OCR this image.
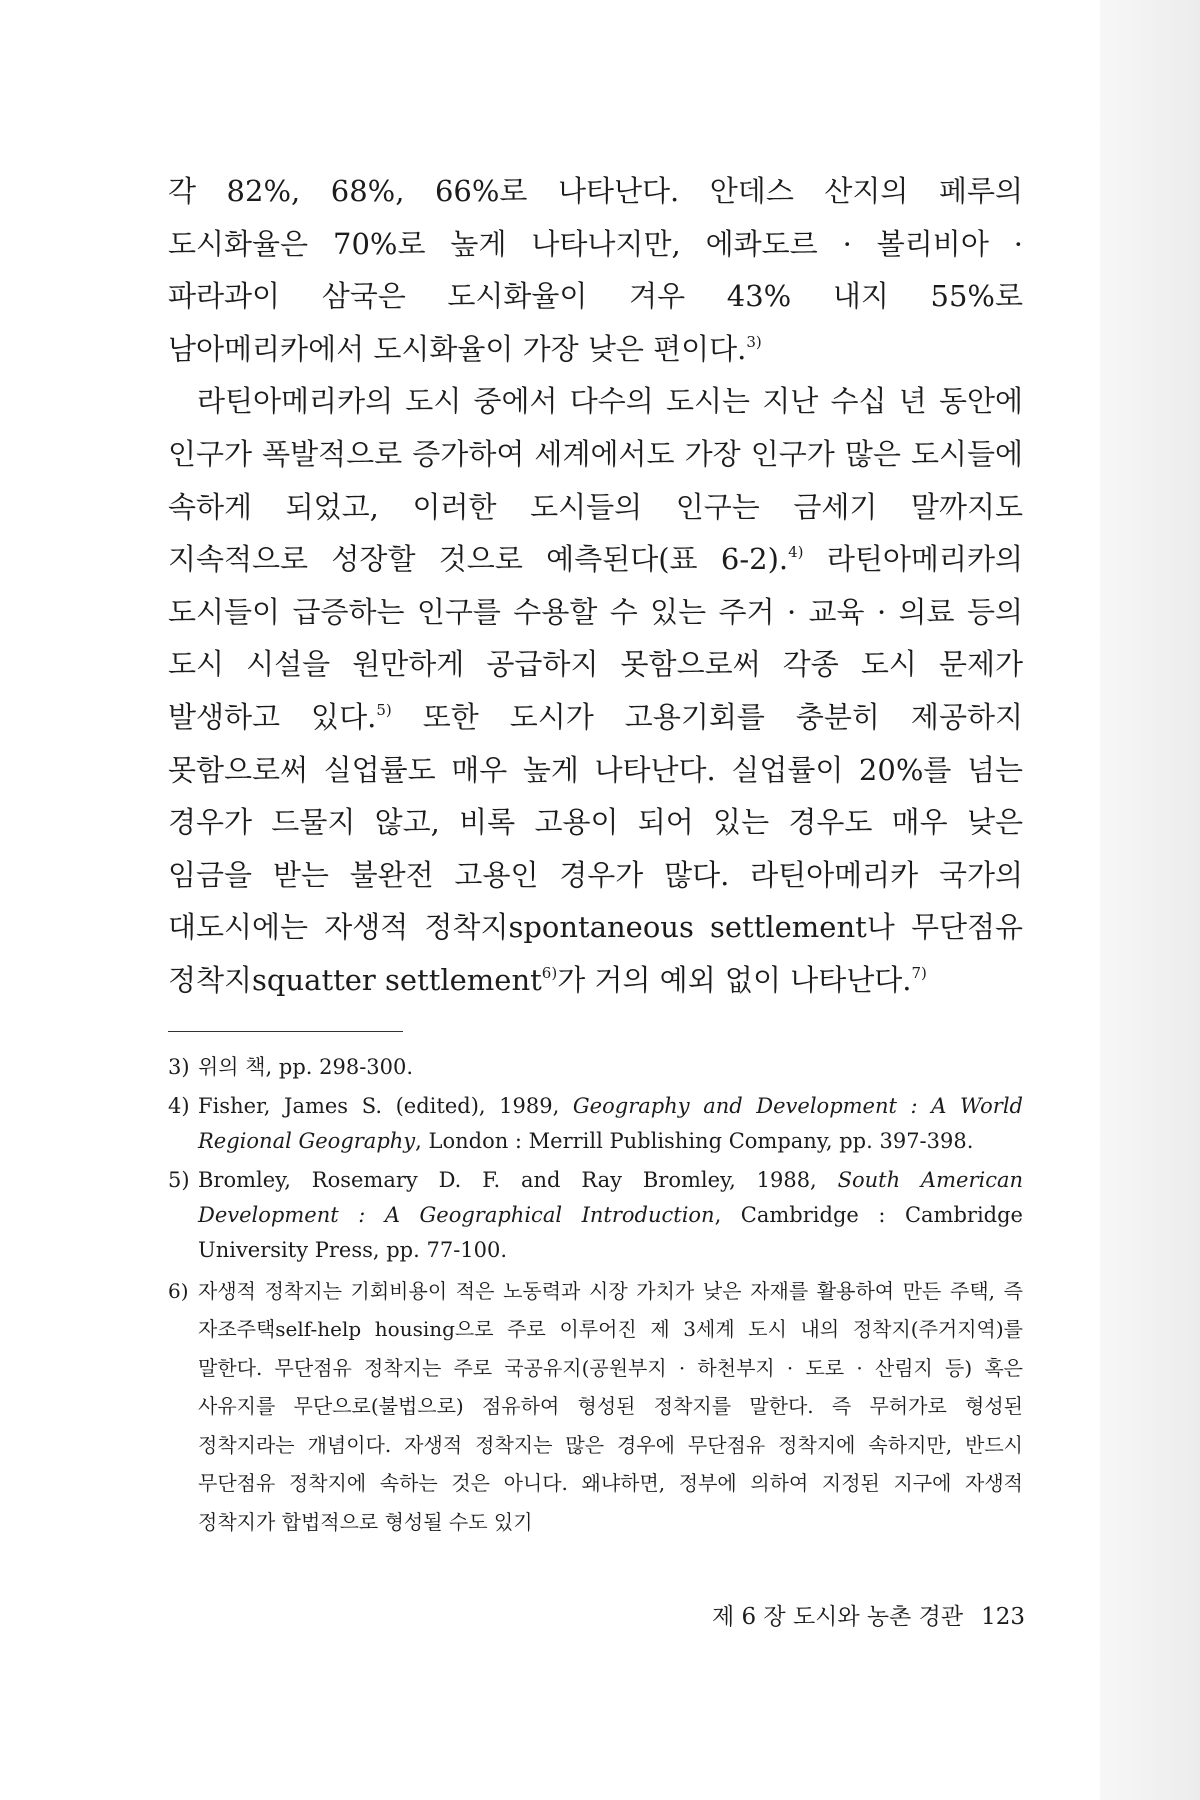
각 82%, 68%, 66%로 나타난다. 안데스 산지의 페루의 도시화율은 70%로 높게 나타나지만, 에콰도르 · 볼리비아 · 파라과이 삼국은 도시화율이 겨우 43% 내지 55%로 남아메리카에서 도시화율이 가장 낮은 편이다.$^{3)}$

라틴아메리카의 도시 중에서 다수의 도시는 지난 수십 년 동안에 인구가 폭발적으로 증가하여 세계에서도 가장 인구가 많은 도시들에 속하게 되었고, 이러한 도시들의 인구는 금세기 말까지도 지속적으로 성장할 것으로 예측된다(표 6-2).$^{4)}$ 라틴아메리카의 도시들이 급증하는 인구를 수용할 수 있는 주거 · 교육 · 의료 등의 도시 시설을 원만하게 공급하지 못함으로써 각종 도시 문제가 발생하고 있다.$^{5)}$ 또한 도시가 고용기회를 충분히 제공하지 못함으로써 실업률도 매우 높게 나타난다. 실업률이 20%를 넘는 경우가 드물지 않고, 비록 고용이 되어 있는 경우도 매우 낮은 임금을 받는 불완전 고용인 경우가 많다. 라틴아메리카 국가의 대도시에는 자생적 정착지spontaneous settlement나 무단점유 정착지squatter settlement$^{6)}$가 거의 예외 없이 나타난다.$^{7)}$

3) 위의 책, pp. 298-300.
4) Fisher, James S. (edited), 1989, Geography and Development : A World Regional Geography, London : Merrill Publishing Company, pp. 397-398.
5) Bromley, Rosemary D. F. and Ray Bromley, 1988, South American Development : A Geographical Introduction, Cambridge : Cambridge University Press, pp. 77-100.
6) 자생적 정착지는 기회비용이 적은 노동력과 시장 가치가 낮은 자재를 활용하여 만든 주택, 즉 자조주택self-help housing으로 주로 이루어진 제 3세계 도시 내의 정착지(주거지역)를 말한다. 무단점유 정착지는 주로 국공유지(공원부지 · 하천부지 · 도로 · 산림지 등) 혹은 사유지를 무단으로(불법으로) 점유하여 형성된 정착지를 말한다. 즉 무허가로 형성된 정착지라는 개념이다. 자생적 정착지는 많은 경우에 무단점유 정착지에 속하지만, 반드시 무단점유 정착지에 속하는 것은 아니다. 왜냐하면, 정부에 의하여 지정된 지구에 자생적 정착지가 합법적으로 형성될 수도 있기
제 6 장 도시와 농촌 경관 123
